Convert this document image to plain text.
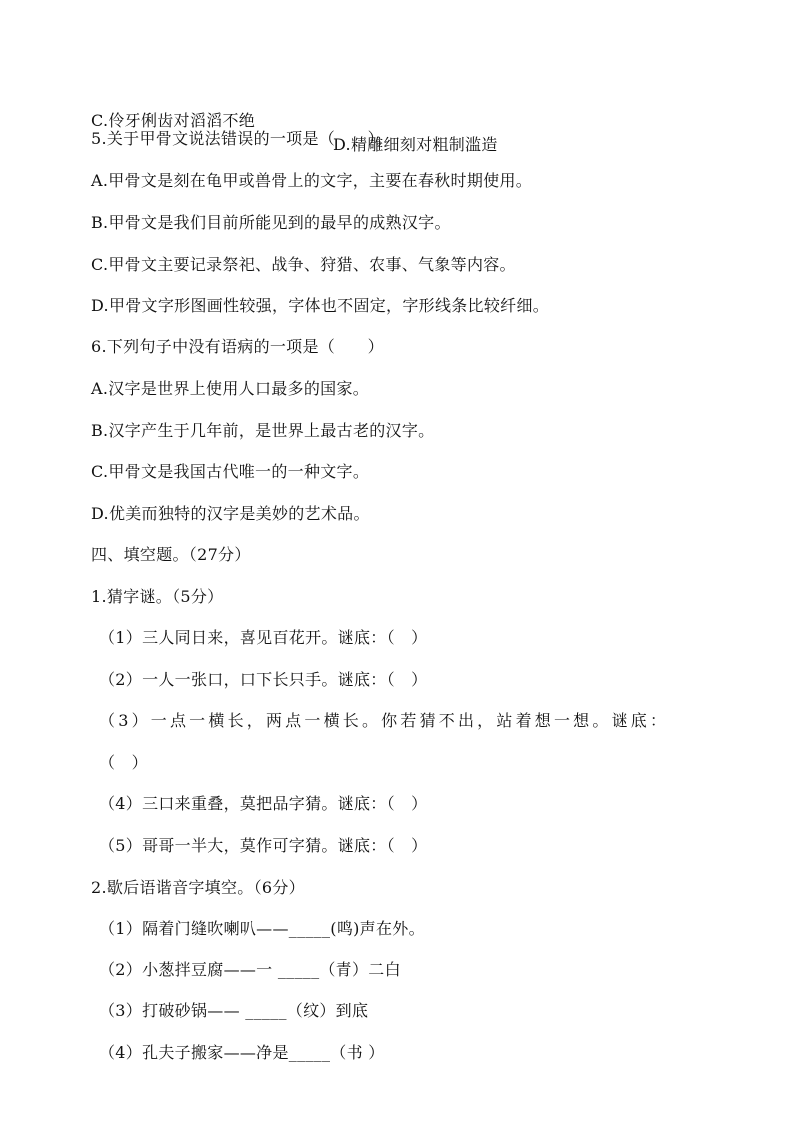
C.伶牙俐齿对滔滔不绝

D.精雕细刻对粗制滥造

5.关于甲骨文说法错误的一项是（　　）。
A.甲骨文是刻在龟甲或兽骨上的文字，主要在春秋时期使用。
B.甲骨文是我们目前所能见到的最早的成熟汉字。
C.甲骨文主要记录祭祀、战争、狩猎、农事、气象等内容。
D.甲骨文字形图画性较强，字体也不固定，字形线条比较纤细。
6.下列句子中没有语病的一项是（　　）
A.汉字是世界上使用人口最多的国家。
B.汉字产生于几年前，是世界上最古老的汉字。
C.甲骨文是我国古代唯一的一种文字。
D.优美而独特的汉字是美妙的艺术品。
四、填空题。（27分）
1.猜字谜。（5分）
（1）三人同日来，喜见百花开。谜底：（　）
（2）一人一张口，口下长只手。谜底：（　）
（3）一点一横长，两点一横长。你若猜不出，站着想一想。谜底：
（　）
（4）三口来重叠，莫把品字猜。谜底：（　）
（5）哥哥一半大，莫作可字猜。谜底：（　）
2.歇后语谐音字填空。（6分）
（1）隔着门缝吹喇叭——_____(鸣)声在外。
（2）小葱拌豆腐——一 _____（青）二白
（3）打破砂锅—— _____（纹）到底
（4）孔夫子搬家——净是_____（书 ）
